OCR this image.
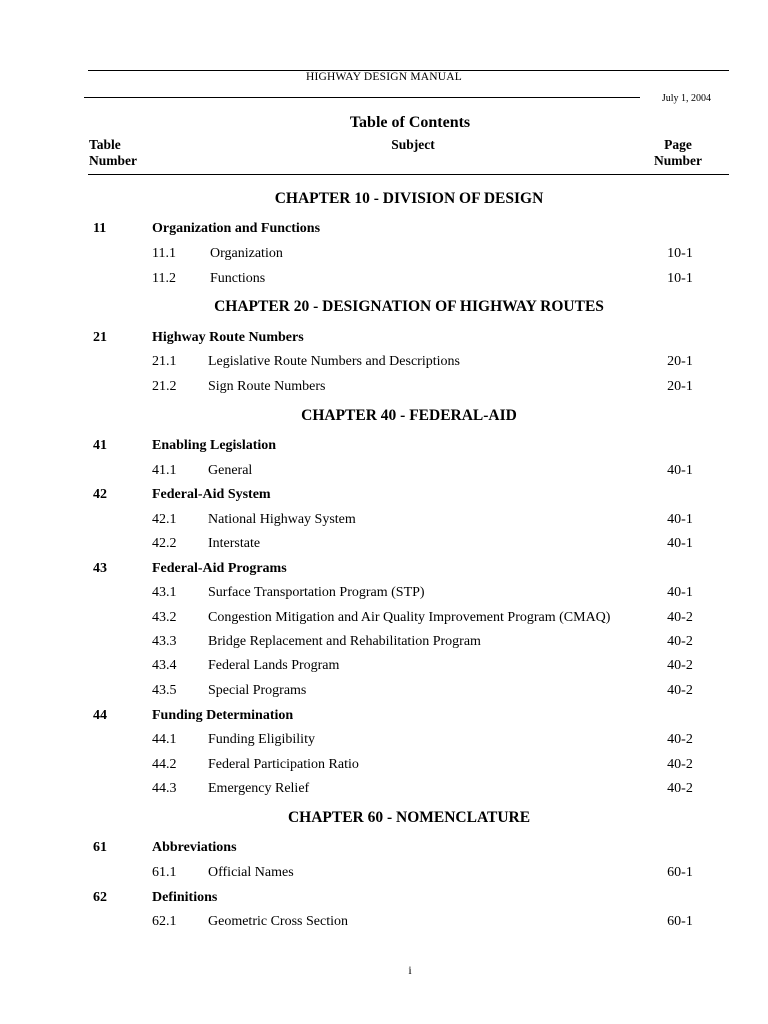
HIGHWAY DESIGN MANUAL
July 1, 2004
Table of Contents
Table
Number
Subject	Page
Number
CHAPTER 10 - DIVISION OF DESIGN
11	Organization and Functions
11.1 Organization	10-1
11.2 Functions	10-1
CHAPTER 20 - DESIGNATION OF HIGHWAY ROUTES
21	Highway Route Numbers
21.1 Legislative Route Numbers and Descriptions	20-1
21.2 Sign Route Numbers	20-1
CHAPTER 40 - FEDERAL-AID
41	Enabling Legislation
41.1 General	40-1
42	Federal-Aid System
42.1 National Highway System	40-1
42.2 Interstate	40-1
43	Federal-Aid Programs
43.1 Surface Transportation Program (STP)	40-1
43.2 Congestion Mitigation and Air Quality Improvement Program (CMAQ)	40-2
43.3 Bridge Replacement and Rehabilitation Program	40-2
43.4 Federal Lands Program	40-2
43.5 Special Programs	40-2
44	Funding Determination
44.1 Funding Eligibility	40-2
44.2 Federal Participation Ratio	40-2
44.3 Emergency Relief	40-2
CHAPTER 60 - NOMENCLATURE
61	Abbreviations
61.1 Official Names	60-1
62	Definitions
62.1 Geometric Cross Section	60-1
i
